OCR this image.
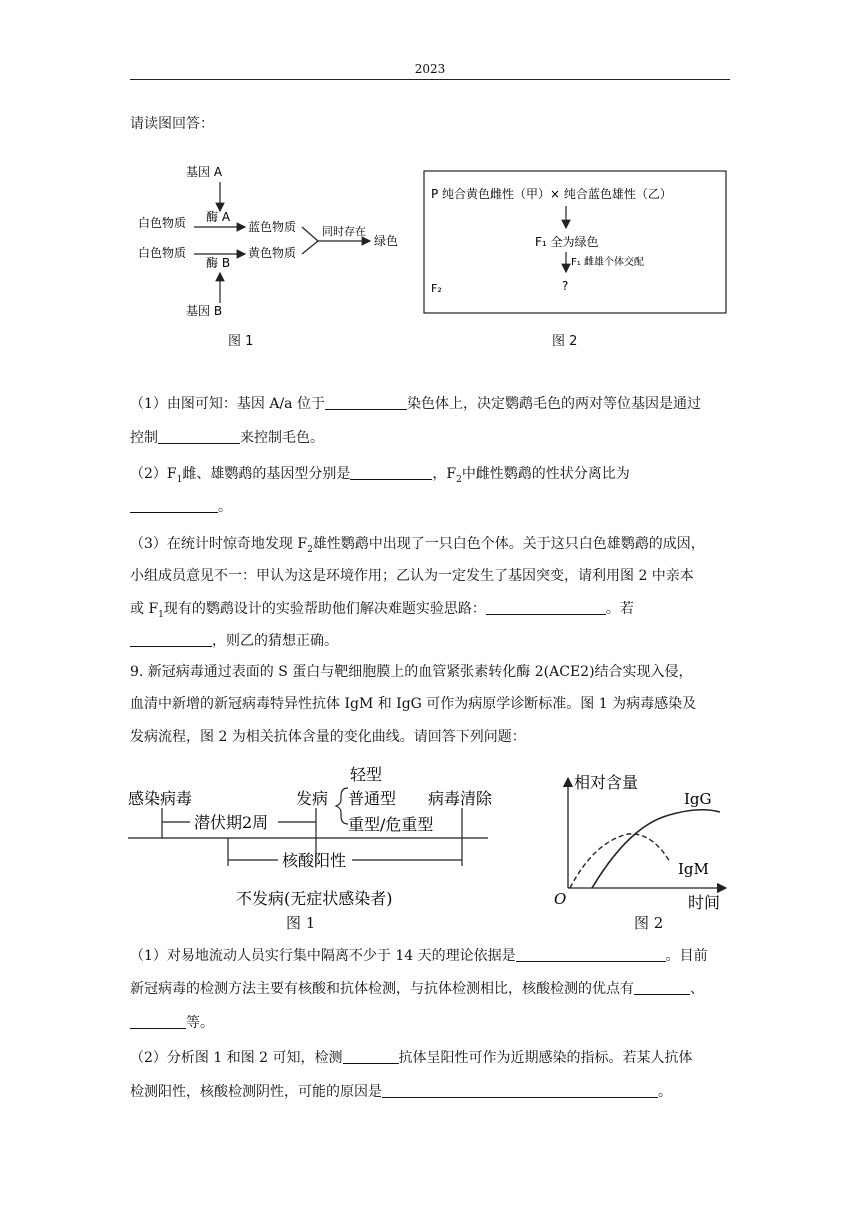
2023
请读图回答：
基因 A
白色物质 酶 A
蓝色物质
白色物质
酶 B
黄色物质
基因 B
同时存在
绿色
图 1
P 纯合黄色雌性（甲）× 纯合蓝色雄性（乙）
F₁ 全为绿色
F₁ 雌雄个体交配
F₂	?
图 2
（1）由图可知：基因 A/a 位于	染色体上，决定鹦鹉毛色的两对等位基因是通过
控制	来控制毛色。
$(2)F_1$雌、雄鹦鹉的基因型分别是	，$F_2$中雌性鹦鹉的性状分离比为
。
（3）在统计时惊奇地发现 $F_2$雄性鹦鹉中出现了一只白色个体。关于这只白色雄鹦鹉的成因，
小组成员意见不一：甲认为这是环境作用；乙认为一定发生了基因突变，请利用图 2 中亲本
或 $F_1$现有的鹦鹉设计的实验帮助他们解决难题实验思路：	。若
，则乙的猜想正确。
9. 新冠病毒通过表面的 S 蛋白与靶细胞膜上的血管紧张素转化酶 2(ACE2)结合实现入侵，
血清中新增的新冠病毒特异性抗体 IgM 和 IgG 可作为病原学诊断标准。图 1 为病毒感染及
发病流程，图 2 为相关抗体含量的变化曲线。请回答下列问题：
感染病毒	发病
轻型
普通型
重型/危重型
病毒清除
潜伏期2周
核酸阳性
不发病(无症状感染者)
图 1
相对含量
O	时间
IgG
IgM
图 2
（1）对易地流动人员实行集中隔离不少于 14 天的理论依据是	。目前
新冠病毒的检测方法主要有核酸和抗体检测，与抗体检测相比，核酸检测的优点有	、
等。
（2）分析图 1 和图 2 可知，检测	抗体呈阳性可作为近期感染的指标。若某人抗体
检测阳性，核酸检测阴性，可能的原因是	。
